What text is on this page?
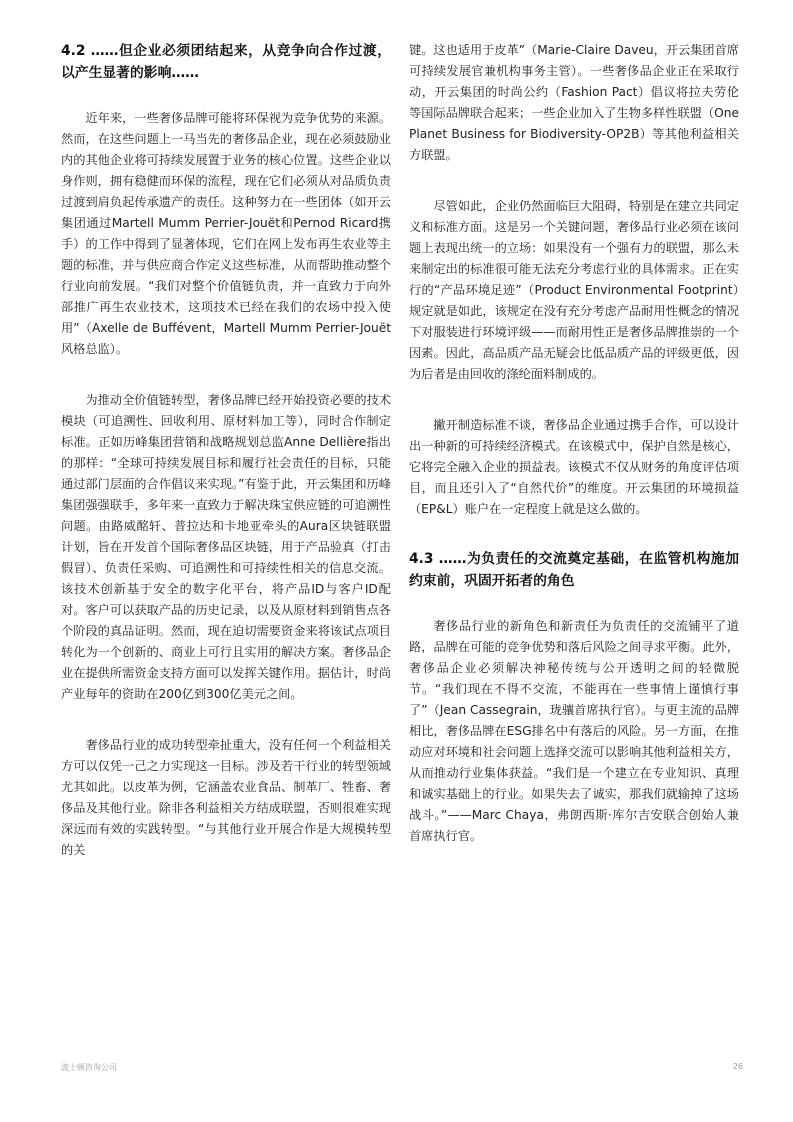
4.2 ……但企业必须团结起来，从竞争向合作过渡，以产生显著的影响……

近年来，一些奢侈品牌可能将环保视为竞争优势的来源。然而，在这些问题上一马当先的奢侈品企业，现在必须鼓励业内的其他企业将可持续发展置于业务的核心位置。这些企业以身作则，拥有稳健而环保的流程，现在它们必须从对品质负责过渡到肩负起传承遗产的责任。这种努力在一些团体（如开云集团通过Martell Mumm Perrier-Jouët和Pernod Ricard携手）的工作中得到了显著体现，它们在网上发布再生农业等主题的标准，并与供应商合作定义这些标准，从而帮助推动整个行业向前发展。“我们对整个价值链负责，并一直致力于向外部推广再生农业技术，这项技术已经在我们的农场中投入使用”（Axelle de Buffévent，Martell Mumm Perrier-Jouët风格总监）。

为推动全价值链转型，奢侈品牌已经开始投资必要的技术模块（可追溯性、回收利用、原材料加工等），同时合作制定标准。正如历峰集团营销和战略规划总监Anne Dellière指出的那样：“全球可持续发展目标和履行社会责任的目标，只能通过部门层面的合作倡议来实现。”有鉴于此，开云集团和历峰集团强强联手，多年来一直致力于解决珠宝供应链的可追溯性问题。由路威酩轩、普拉达和卡地亚牵头的Aura区块链联盟计划，旨在开发首个国际奢侈品区块链，用于产品验真（打击假冒）、负责任采购、可追溯性和可持续性相关的信息交流。该技术创新基于安全的数字化平台，将产品ID与客户ID配对。客户可以获取产品的历史记录，以及从原材料到销售点各个阶段的真品证明。然而，现在迫切需要资金来将该试点项目转化为一个创新的、商业上可行且实用的解决方案。奢侈品企业在提供所需资金支持方面可以发挥关键作用。据估计，时尚产业每年的资助在200亿到300亿美元之间。

奢侈品行业的成功转型牵扯重大，没有任何一个利益相关方可以仅凭一己之力实现这一目标。涉及若干行业的转型领域尤其如此。以皮革为例，它涵盖农业食品、制革厂、牲畜、奢侈品及其他行业。除非各利益相关方结成联盟，否则很难实现深远而有效的实践转型。“与其他行业开展合作是大规模转型的关

键。这也适用于皮革”（Marie-Claire Daveu，开云集团首席可持续发展官兼机构事务主管）。一些奢侈品企业正在采取行动，开云集团的时尚公约（Fashion Pact）倡议将拉夫劳伦等国际品牌联合起来；一些企业加入了生物多样性联盟（One Planet Business for Biodiversity-OP2B）等其他利益相关方联盟。

尽管如此，企业仍然面临巨大阻碍，特别是在建立共同定义和标准方面。这是另一个关键问题，奢侈品行业必须在该问题上表现出统一的立场：如果没有一个强有力的联盟，那么未来制定出的标准很可能无法充分考虑行业的具体需求。正在实行的“产品环境足迹”（Product Environmental Footprint）规定就是如此，该规定在没有充分考虑产品耐用性概念的情况下对服装进行环境评级——而耐用性正是奢侈品牌推崇的一个因素。因此，高品质产品无疑会比低品质产品的评级更低，因为后者是由回收的涤纶面料制成的。

撇开制造标准不谈，奢侈品企业通过携手合作，可以设计出一种新的可持续经济模式。在该模式中，保护自然是核心，它将完全融入企业的损益表。该模式不仅从财务的角度评估项目，而且还引入了“自然代价”的维度。开云集团的环境损益（EP&L）账户在一定程度上就是这么做的。

4.3 ……为负责任的交流奠定基础，在监管机构施加约束前，巩固开拓者的角色

奢侈品行业的新角色和新责任为负责任的交流铺平了道路，品牌在可能的竞争优势和落后风险之间寻求平衡。此外，奢侈品企业必须解决神秘传统与公开透明之间的轻微脱节。“我们现在不得不交流，不能再在一些事情上谨慎行事了”（Jean Cassegrain，珑骧首席执行官）。与更主流的品牌相比，奢侈品牌在ESG排名中有落后的风险。另一方面，在推动应对环境和社会问题上选择交流可以影响其他利益相关方，从而推动行业集体获益。“我们是一个建立在专业知识、真理和诚实基础上的行业。如果失去了诚实，那我们就输掉了这场战斗。”——Marc Chaya，弗朗西斯·库尔吉安联合创始人兼首席执行官。

波士顿咨询公司	26
